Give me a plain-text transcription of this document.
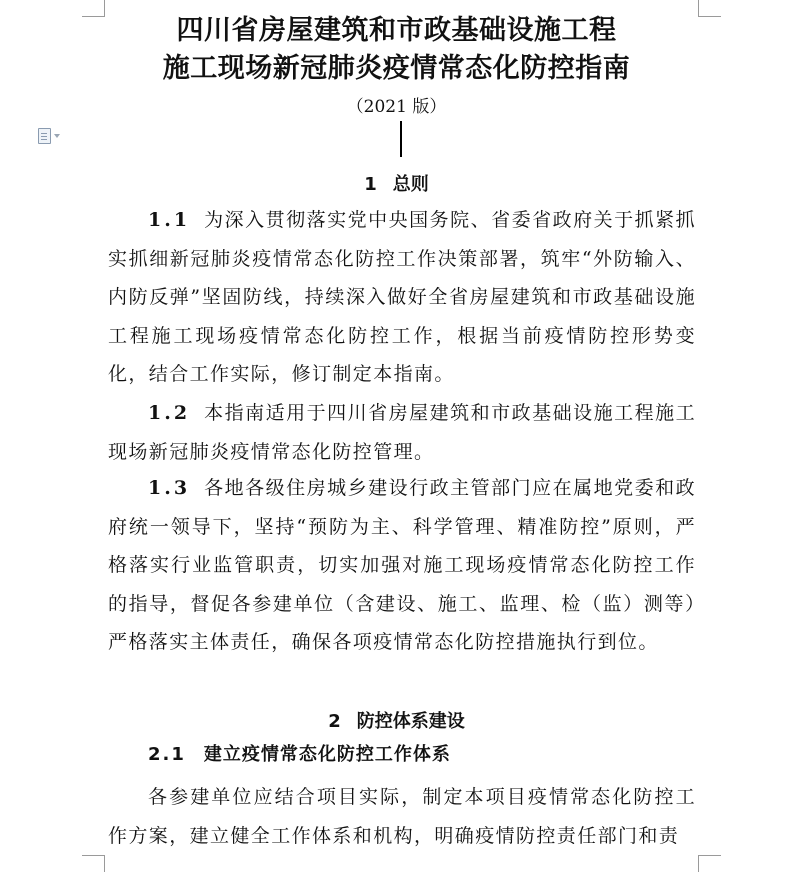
四川省房屋建筑和市政基础设施工程
施工现场新冠肺炎疫情常态化防控指南
（2021 版）
1 总则
1.1 为深入贯彻落实党中央国务院、省委省政府关于抓紧抓实抓细新冠肺炎疫情常态化防控工作决策部署，筑牢“外防输入、内防反弹”坚固防线，持续深入做好全省房屋建筑和市政基础设施工程施工现场疫情常态化防控工作，根据当前疫情防控形势变化，结合工作实际，修订制定本指南。
1.2 本指南适用于四川省房屋建筑和市政基础设施工程施工现场新冠肺炎疫情常态化防控管理。
1.3 各地各级住房城乡建设行政主管部门应在属地党委和政府统一领导下，坚持“预防为主、科学管理、精准防控”原则，严格落实行业监管职责，切实加强对施工现场疫情常态化防控工作的指导，督促各参建单位（含建设、施工、监理、检（监）测等）严格落实主体责任，确保各项疫情常态化防控措施执行到位。
2 防控体系建设
2.1 建立疫情常态化防控工作体系
各参建单位应结合项目实际，制定本项目疫情常态化防控工作方案，建立健全工作体系和机构，明确疫情防控责任部门和责
